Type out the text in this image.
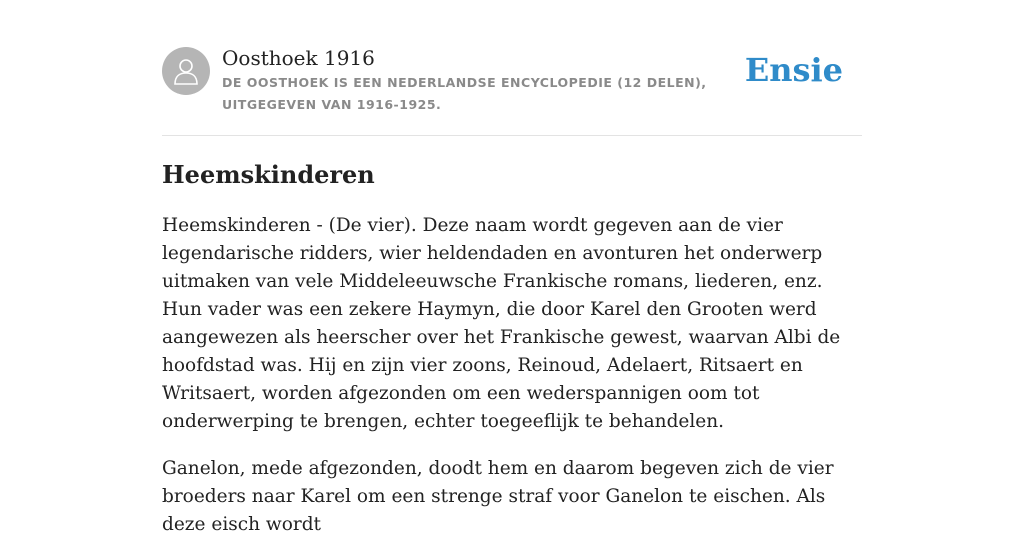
Oosthoek 1916
DE OOSTHOEK IS EEN NEDERLANDSE ENCYCLOPEDIE (12 DELEN), UITGEGEVEN VAN 1916-1925.
Ensie
Heemskinderen

Heemskinderen - (De vier). Deze naam wordt gegeven aan de vier legendarische ridders, wier heldendaden en avonturen het onderwerp uitmaken van vele Middeleeuwsche Frankische romans, liederen, enz. Hun vader was een zekere Haymyn, die door Karel den Grooten werd aangewezen als heerscher over het Frankische gewest, waarvan Albi de hoofdstad was. Hij en zijn vier zoons, Reinoud, Adelaert, Ritsaert en Writsaert, worden afgezonden om een wederspannigen oom tot onderwerping te brengen, echter toegeeflijk te behandelen.

Ganelon, mede afgezonden, doodt hem en daarom begeven zich de vier broeders naar Karel om een strenge straf voor Ganelon te eischen. Als deze eisch wordt
